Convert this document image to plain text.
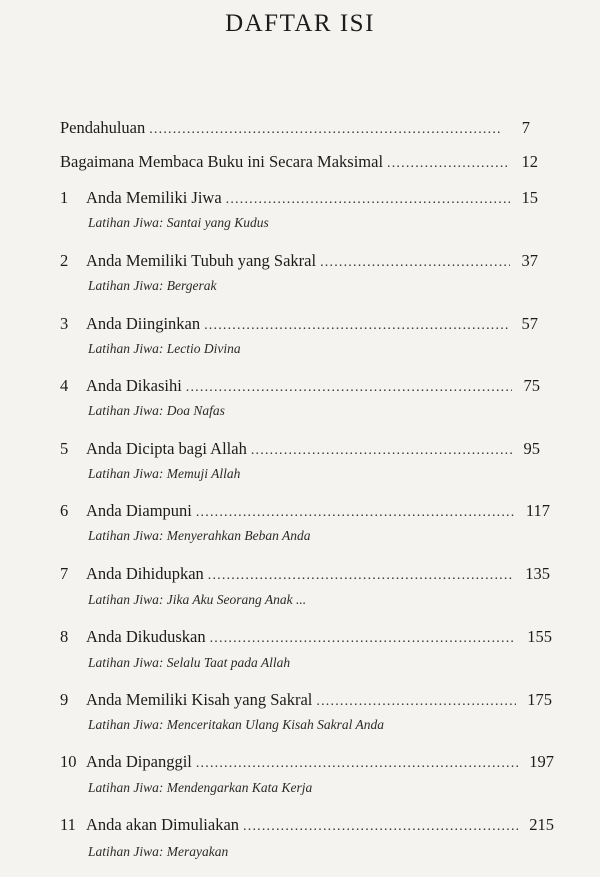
DAFTAR ISI
Pendahuluan .....	7
Bagaimana Membaca Buku ini Secara Maksimal .....	12
1	Anda Memiliki Jiwa .....	15
Latihan Jiwa: Santai yang Kudus
2	Anda Memiliki Tubuh yang Sakral .....	37
Latihan Jiwa: Bergerak
3	Anda Diinginkan .....	57
Latihan Jiwa: Lectio Divina
4	Anda Dikasihi .....	75
Latihan Jiwa: Doa Nafas
5	Anda Dicipta bagi Allah .....	95
Latihan Jiwa: Memuji Allah
6	Anda Diampuni .....	117
Latihan Jiwa: Menyerahkan Beban Anda
7	Anda Dihidupkan .....	135
Latihan Jiwa: Jika Aku Seorang Anak ...
8	Anda Dikuduskan .....	155
Latihan Jiwa: Selalu Taat pada Allah
9	Anda Memiliki Kisah yang Sakral .....	175
Latihan Jiwa: Menceritakan Ulang Kisah Sakral Anda
10 Anda Dipanggil .....	197
Latihan Jiwa: Mendengarkan Kata Kerja
11 Anda akan Dimuliakan .....	215
Latihan Jiwa: Merayakan
